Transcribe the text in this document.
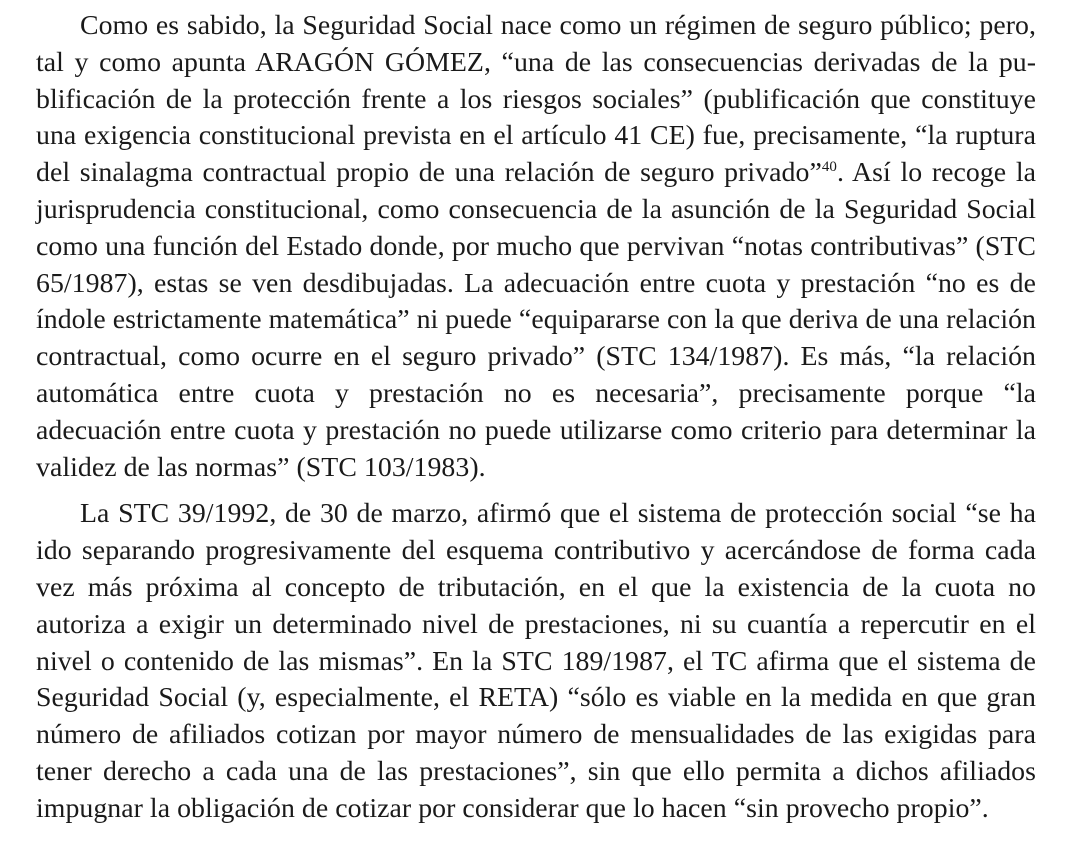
Como es sabido, la Seguridad Social nace como un régimen de seguro público; pero, tal y como apunta ARAGÓN GÓMEZ, “una de las consecuencias derivadas de la publificación de la protección frente a los riesgos sociales” (publificación que constituye una exigencia constitucional prevista en el artículo 41 CE) fue, precisamente, “la ruptura del sinalagma contractual propio de una relación de seguro privado”$^{40}$. Así lo recoge la jurisprudencia constitucional, como consecuencia de la asunción de la Seguridad Social como una función del Estado donde, por mucho que pervivan “notas contributivas” (STC 65/1987), estas se ven desdibujadas. La adecuación entre cuota y prestación “no es de índole estrictamente matemática” ni puede “equipararse con la que deriva de una relación contractual, como ocurre en el seguro privado” (STC 134/1987). Es más, “la relación automática entre cuota y prestación no es necesaria”, precisamente porque “la adecuación entre cuota y prestación no puede utilizarse como criterio para determinar la validez de las normas” (STC 103/1983).

La STC 39/1992, de 30 de marzo, afirmó que el sistema de protección social “se ha ido separando progresivamente del esquema contributivo y acercándose de forma cada vez más próxima al concepto de tributación, en el que la existencia de la cuota no autoriza a exigir un determinado nivel de prestaciones, ni su cuantía a repercutir en el nivel o contenido de las mismas”. En la STC 189/1987, el TC afirma que el sistema de Seguridad Social (y, especialmente, el RETA) “sólo es viable en la medida en que gran número de afiliados cotizan por mayor número de mensualidades de las exigidas para tener derecho a cada una de las prestaciones”, sin que ello permita a dichos afiliados impugnar la obligación de cotizar por considerar que lo hacen “sin provecho propio”.
